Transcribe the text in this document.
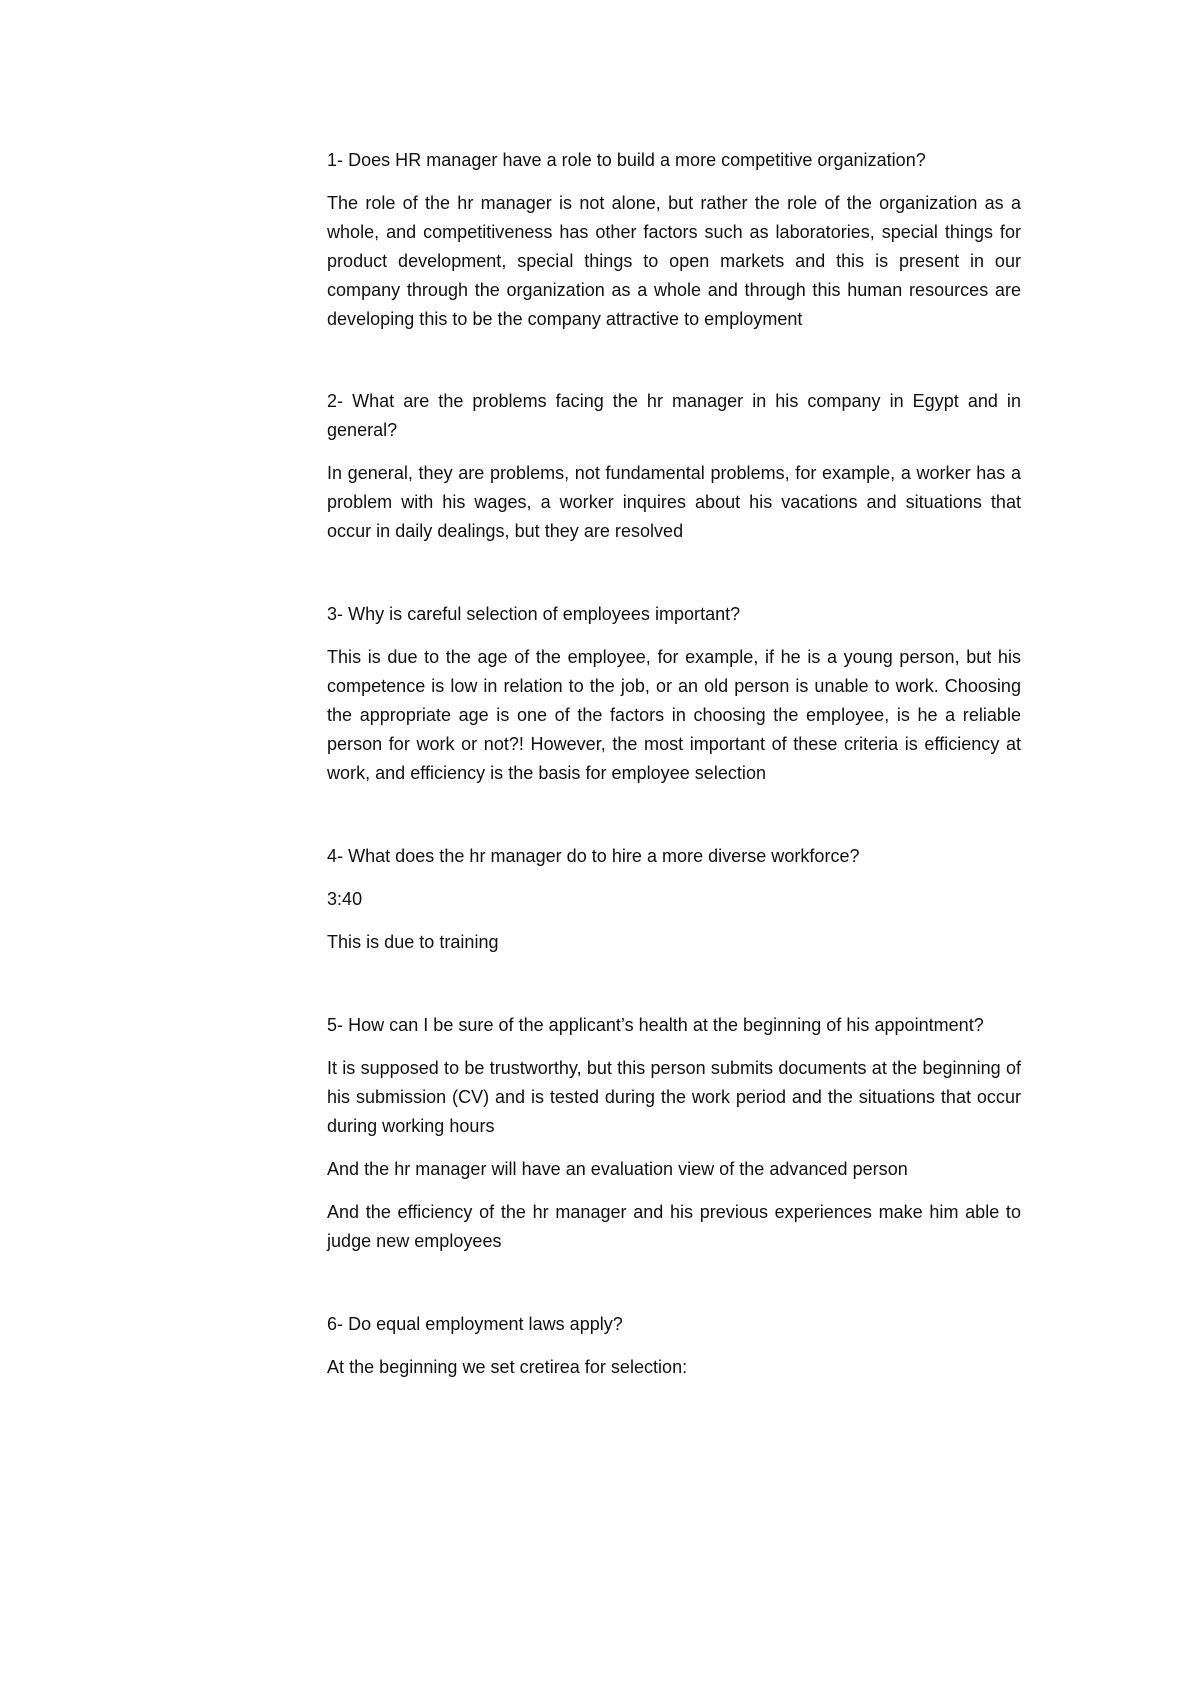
1- Does HR manager have a role to build a more competitive organization?

The role of the hr manager is not alone, but rather the role of the organization as a whole, and competitiveness has other factors such as laboratories, special things for product development, special things to open markets and this is present in our company through the organization as a whole and through this human resources are developing this to be the company attractive to employment

2- What are the problems facing the hr manager in his company in Egypt and in general?

In general, they are problems, not fundamental problems, for example, a worker has a problem with his wages, a worker inquires about his vacations and situations that occur in daily dealings, but they are resolved

3- Why is careful selection of employees important?

This is due to the age of the employee, for example, if he is a young person, but his competence is low in relation to the job, or an old person is unable to work. Choosing the appropriate age is one of the factors in choosing the employee, is he a reliable person for work or not?! However, the most important of these criteria is efficiency at work, and efficiency is the basis for employee selection

4- What does the hr manager do to hire a more diverse workforce?

3:40

This is due to training

5- How can I be sure of the applicant’s health at the beginning of his appointment?

It is supposed to be trustworthy, but this person submits documents at the beginning of his submission (CV) and is tested during the work period and the situations that occur during working hours

And the hr manager will have an evaluation view of the advanced person

And the efficiency of the hr manager and his previous experiences make him able to judge new employees

6- Do equal employment laws apply?

At the beginning we set cretirea for selection:
